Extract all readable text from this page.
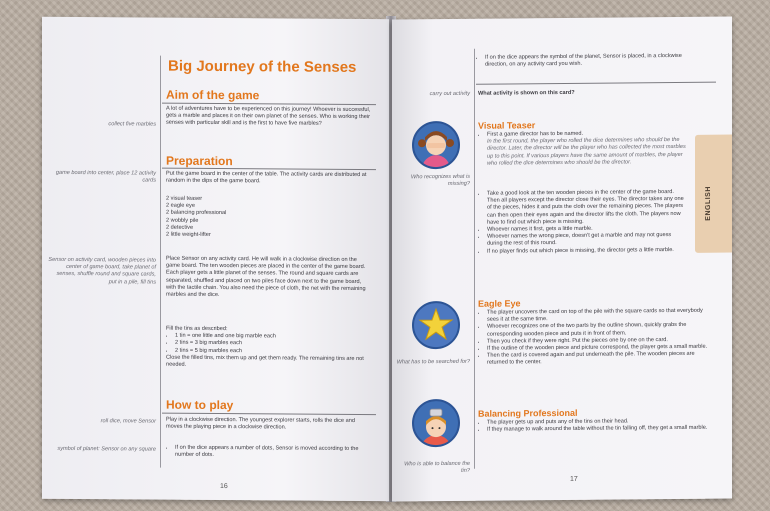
Big Journey of the Senses
Aim of the game
collect five marbles
A lot of adventures have to be experienced on this journey! Whoever is successful, gets a marble and places it on their own planet of the senses. Who is working their senses with particular skill and is the first to have five marbles?
Preparation
game board into center, place 12 activity cards
Put the game board in the center of the table. The activity cards are distributed at random in the dips of the game board.
2 visual teaser
2 eagle eye
2 balancing professional
2 wobbly pile
2 detective
2 little weight-lifter
Sensor on activity card, wooden pieces into center of game board, take planet of senses, shuffle round and square cards, put in a pile, fill tins
Place Sensor on any activity card. He will walk in a clockwise direction on the game board. The ten wooden pieces are placed in the center of the game board. Each player gets a little planet of the senses. The round and square cards are separated, shuffled and placed on two piles face down next to the game board, with the tactile chain. You also need the piece of cloth, the net with the remaining marbles and the dice.
Fill the tins as described:
• 1 tin = one little and one big marble each
• 2 tins = 3 big marbles each
• 2 tins = 5 big marbles each
Close the filled tins, mix them up and get them ready. The remaining tins are not needed.
How to play
roll dice, move Sensor Play in a clockwise direction. The youngest explorer starts, rolls the dice and moves the playing piece in a clockwise direction.
symbol of planet: Sensor on any square
•	If on the dice appears a number of dots, Sensor is moved according to the number of dots.
16
• If on the dice appears the symbol of the planet, Sensor is placed, in a clockwise direction, on any activity card you wish.
carry out activity What activity is shown on this card?
ENGLISH
Who recognizes what is missing?
Visual Teaser
• First a game director has to be named.
In the first round, the player who rolled the dice determines who should be the director. Later, the director will be the player who has collected the most marbles up to this point. If various players have the same amount of marbles, the player who rolled the dice determines who should be the director.
• Take a good look at the ten wooden pieces in the center of the game board. Then all players except the director close their eyes. The director takes any one of the pieces, hides it and puts the cloth over the remaining pieces. The players can then open their eyes again and the director lifts the cloth. The players now have to find out which piece is missing.
• Whoever names it first, gets a little marble.
• Whoever names the wrong piece, doesn't get a marble and may not guess during the rest of this round.
• If no player finds out which piece is missing, the director gets a little marble.
What has to be searched for?
Eagle Eye
• The player uncovers the card on top of the pile with the square cards so that everybody sees it at the same time.
• Whoever recognizes one of the two parts by the outline shown, quickly grabs the corresponding wooden piece and puts it in front of them.
• Then you check if they were right. Put the pieces one by one on the card.
• If the outline of the wooden piece and picture correspond, the player gets a small marble.
• Then the card is covered again and put underneath the pile. The wooden pieces are returned to the center.
Who is able to balance the tin?
Balancing Professional
• The player gets up and puts any of the tins on their head.
• If they manage to walk around the table without the tin falling off, they get a small marble.
17
